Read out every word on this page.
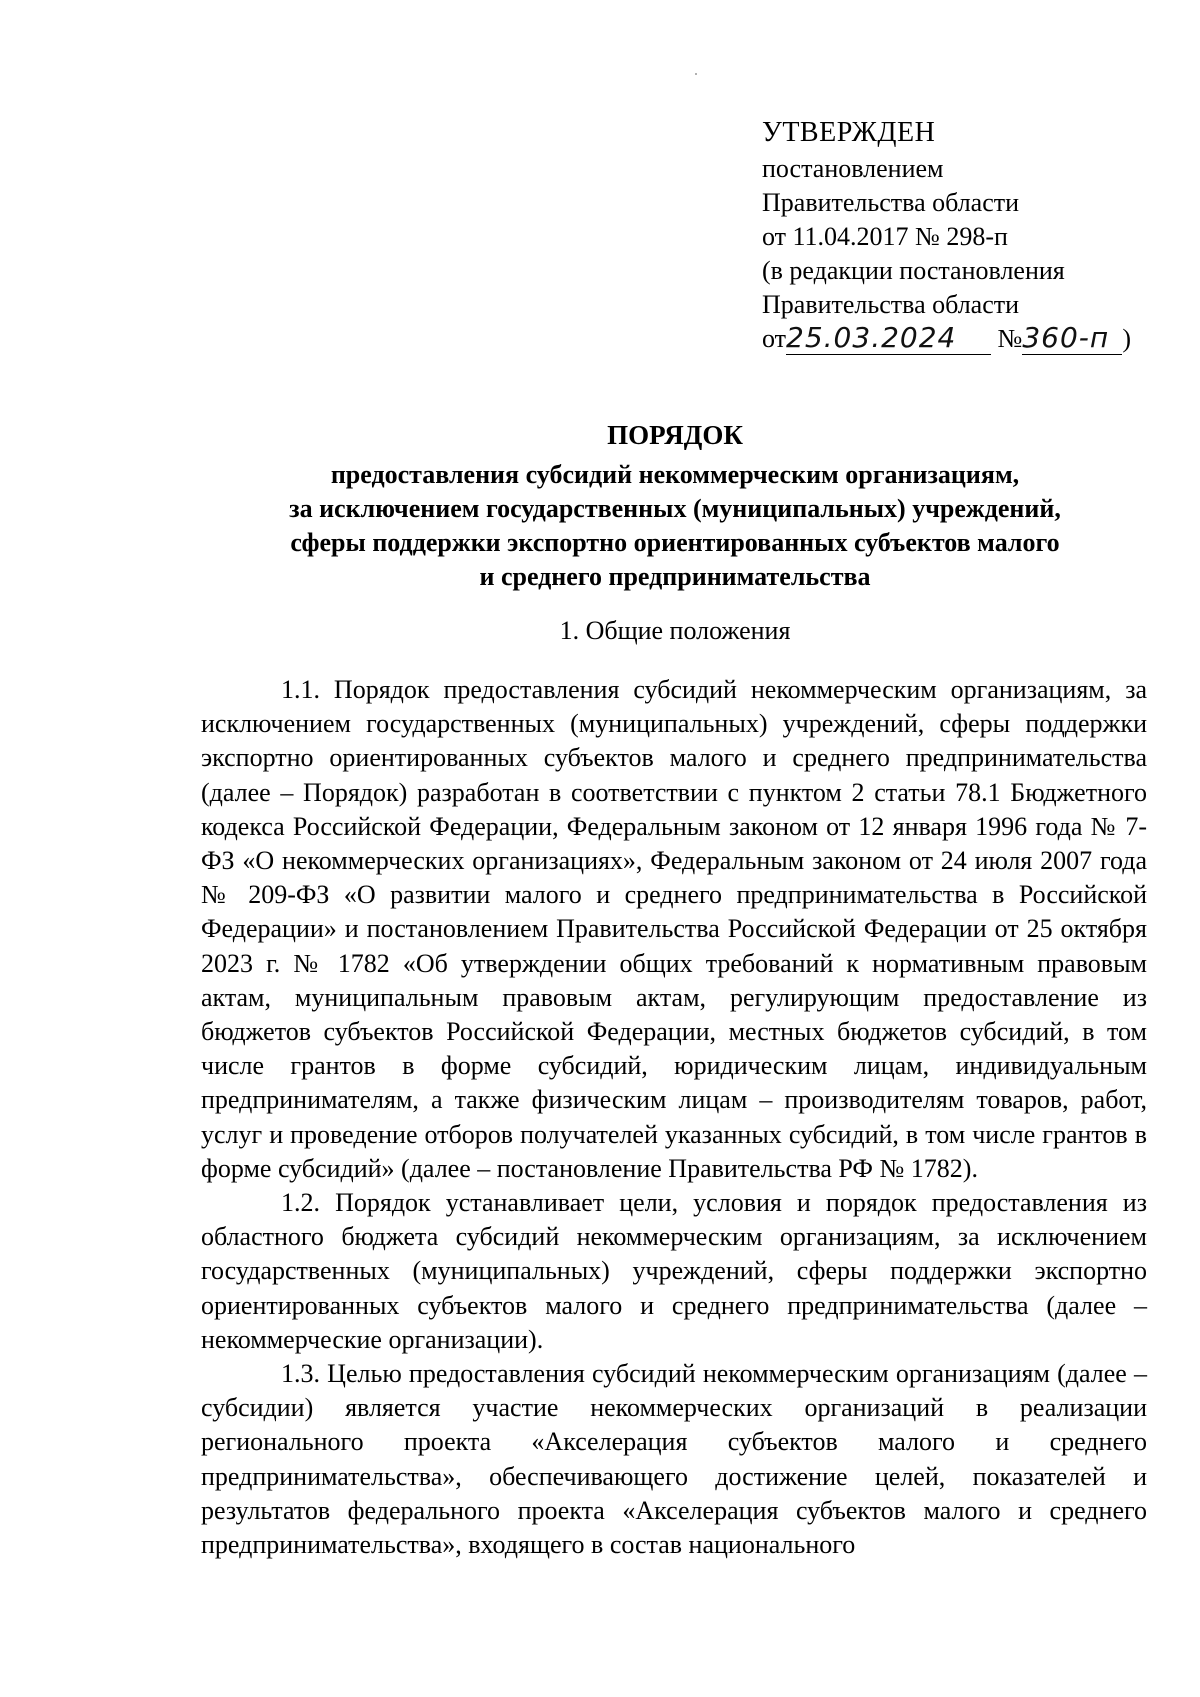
УТВЕРЖДЕН
постановлением
Правительства области
от 11.04.2017 № 298-п
(в редакции постановления
Правительства области
от25.03.2024 №360-п )
ПОРЯДОК
предоставления субсидий некоммерческим организациям,
за исключением государственных (муниципальных) учреждений,
сферы поддержки экспортно ориентированных субъектов малого
и среднего предпринимательства
1. Общие положения

1.1. Порядок предоставления субсидий некоммерческим организациям, за исключением государственных (муниципальных) учреждений, сферы поддержки экспортно ориентированных субъектов малого и среднего предпринимательства (далее – Порядок) разработан в соответствии с пунктом 2 статьи 78.1 Бюджетного кодекса Российской Федерации, Федеральным законом от 12 января 1996 года № 7-ФЗ «О некоммерческих организациях», Федеральным законом от 24 июля 2007 года № 209-ФЗ «О развитии малого и среднего предпринимательства в Российской Федерации» и постановлением Правительства Российской Федерации от 25 октября 2023 г. № 1782 «Об утверждении общих требований к нормативным правовым актам, муниципальным правовым актам, регулирующим предоставление из бюджетов субъектов Российской Федерации, местных бюджетов субсидий, в том числе грантов в форме субсидий, юридическим лицам, индивидуальным предпринимателям, а также физическим лицам – производителям товаров, работ, услуг и проведение отборов получателей указанных субсидий, в том числе грантов в форме субсидий» (далее – постановление Правительства РФ № 1782).

1.2. Порядок устанавливает цели, условия и порядок предоставления из областного бюджета субсидий некоммерческим организациям, за исключением государственных (муниципальных) учреждений, сферы поддержки экспортно ориентированных субъектов малого и среднего предпринимательства (далее – некоммерческие организации).

1.3. Целью предоставления субсидий некоммерческим организациям (далее – субсидии) является участие некоммерческих организаций в реализации регионального проекта «Акселерация субъектов малого и среднего предпринимательства», обеспечивающего достижение целей, показателей и результатов федерального проекта «Акселерация субъектов малого и среднего предпринимательства», входящего в состав национального
